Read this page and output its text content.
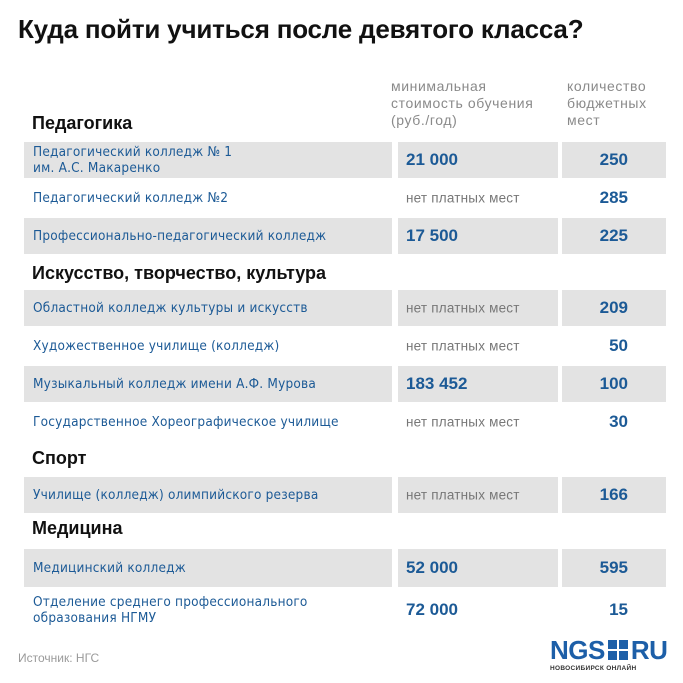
Куда пойти учиться после девятого класса?
минимальная
стоимость обучения
(руб./год)
количество
бюджетных
мест
Педагогика
Педагогический колледж № 1
им. А.С. Макаренко	21 000	250
Педагогический колледж №2	нет платных мест	285
Профессионально-педагогический колледж	17 500	225
Искусство, творчество, культура
Областной колледж культуры и искусств	нет платных мест	209
Художественное училище (колледж)	нет платных мест	50
Музыкальный колледж имени А.Ф. Мурова	183 452	100
Государственное Хореографическое училище	нет платных мест	30
Спорт
Училище (колледж) олимпийского резерва	нет платных мест	166
Медицина
Медицинский колледж	52 000	595
Отделение среднего профессионального
образования НГМУ	72 000	15
Источник: НГС	NGS RU
НОВОСИБИРСК ОНЛАЙН
